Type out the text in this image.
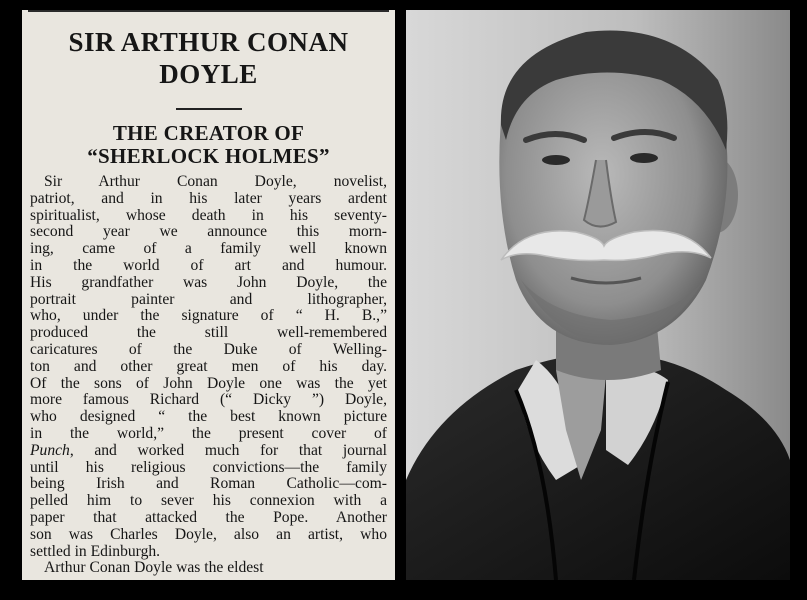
SIR ARTHUR CONAN
DOYLE
THE CREATOR OF
“SHERLOCK HOLMES”
Sir Arthur Conan Doyle, novelist,
patriot, and in his later years ardent
spiritualist, whose death in his seventy-
second year we announce this morn-
ing, came of a family well known
in the world of art and humour.
His grandfather was John Doyle, the
portrait painter and lithographer,
who, under the signature of “ H. B.,”
produced the still well-remembered
caricatures of the Duke of Welling-
ton and other great men of his day.
Of the sons of John Doyle one was the yet
more famous Richard (“ Dicky ”) Doyle,
who designed “ the best known picture
in the world,” the present cover of
Punch, and worked much for that journal
until his religious convictions—the family
being Irish and Roman Catholic—com-
pelled him to sever his connexion with a
paper that attacked the Pope. Another
son was Charles Doyle, also an artist, who
settled in Edinburgh.
Arthur Conan Doyle was the eldest
